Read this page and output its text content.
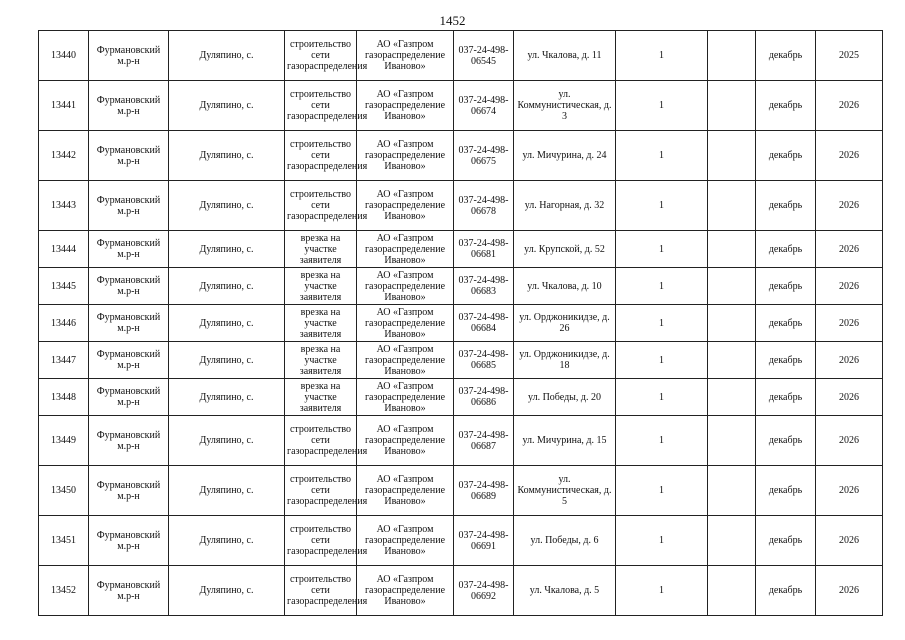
1452
13440	Фурмановский м.р-н	Дуляпино, с.	строительство сети газораспределения	АО «Газпром газораспределение Иваново»	037-24-498-06545	ул. Чкалова, д. 11	1		декабрь	2025
13441	Фурмановский м.р-н	Дуляпино, с.	строительство сети газораспределения	АО «Газпром газораспределение Иваново»	037-24-498-06674	ул. Коммунистическая, д. 3	1		декабрь	2026
13442	Фурмановский м.р-н	Дуляпино, с.	строительство сети газораспределения	АО «Газпром газораспределение Иваново»	037-24-498-06675	ул. Мичурина, д. 24	1		декабрь	2026
13443	Фурмановский м.р-н	Дуляпино, с.	строительство сети газораспределения	АО «Газпром газораспределение Иваново»	037-24-498-06678	ул. Нагорная, д. 32	1		декабрь	2026
13444	Фурмановский м.р-н	Дуляпино, с.	врезка на участке заявителя	АО «Газпром газораспределение Иваново»	037-24-498-06681	ул. Крупской, д. 52	1		декабрь	2026
13445	Фурмановский м.р-н	Дуляпино, с.	врезка на участке заявителя	АО «Газпром газораспределение Иваново»	037-24-498-06683	ул. Чкалова, д. 10	1		декабрь	2026
13446	Фурмановский м.р-н	Дуляпино, с.	врезка на участке заявителя	АО «Газпром газораспределение Иваново»	037-24-498-06684	ул. Орджоникидзе, д. 26	1		декабрь	2026
13447	Фурмановский м.р-н	Дуляпино, с.	врезка на участке заявителя	АО «Газпром газораспределение Иваново»	037-24-498-06685	ул. Орджоникидзе, д. 18	1		декабрь	2026
13448	Фурмановский м.р-н	Дуляпино, с.	врезка на участке заявителя	АО «Газпром газораспределение Иваново»	037-24-498-06686	ул. Победы, д. 20	1		декабрь	2026
13449	Фурмановский м.р-н	Дуляпино, с.	строительство сети газораспределения	АО «Газпром газораспределение Иваново»	037-24-498-06687	ул. Мичурина, д. 15	1		декабрь	2026
13450	Фурмановский м.р-н	Дуляпино, с.	строительство сети газораспределения	АО «Газпром газораспределение Иваново»	037-24-498-06689	ул. Коммунистическая, д. 5	1		декабрь	2026
13451	Фурмановский м.р-н	Дуляпино, с.	строительство сети газораспределения	АО «Газпром газораспределение Иваново»	037-24-498-06691	ул. Победы, д. 6	1		декабрь	2026
13452	Фурмановский м.р-н	Дуляпино, с.	строительство сети газораспределения	АО «Газпром газораспределение Иваново»	037-24-498-06692	ул. Чкалова, д. 5	1		декабрь	2026
